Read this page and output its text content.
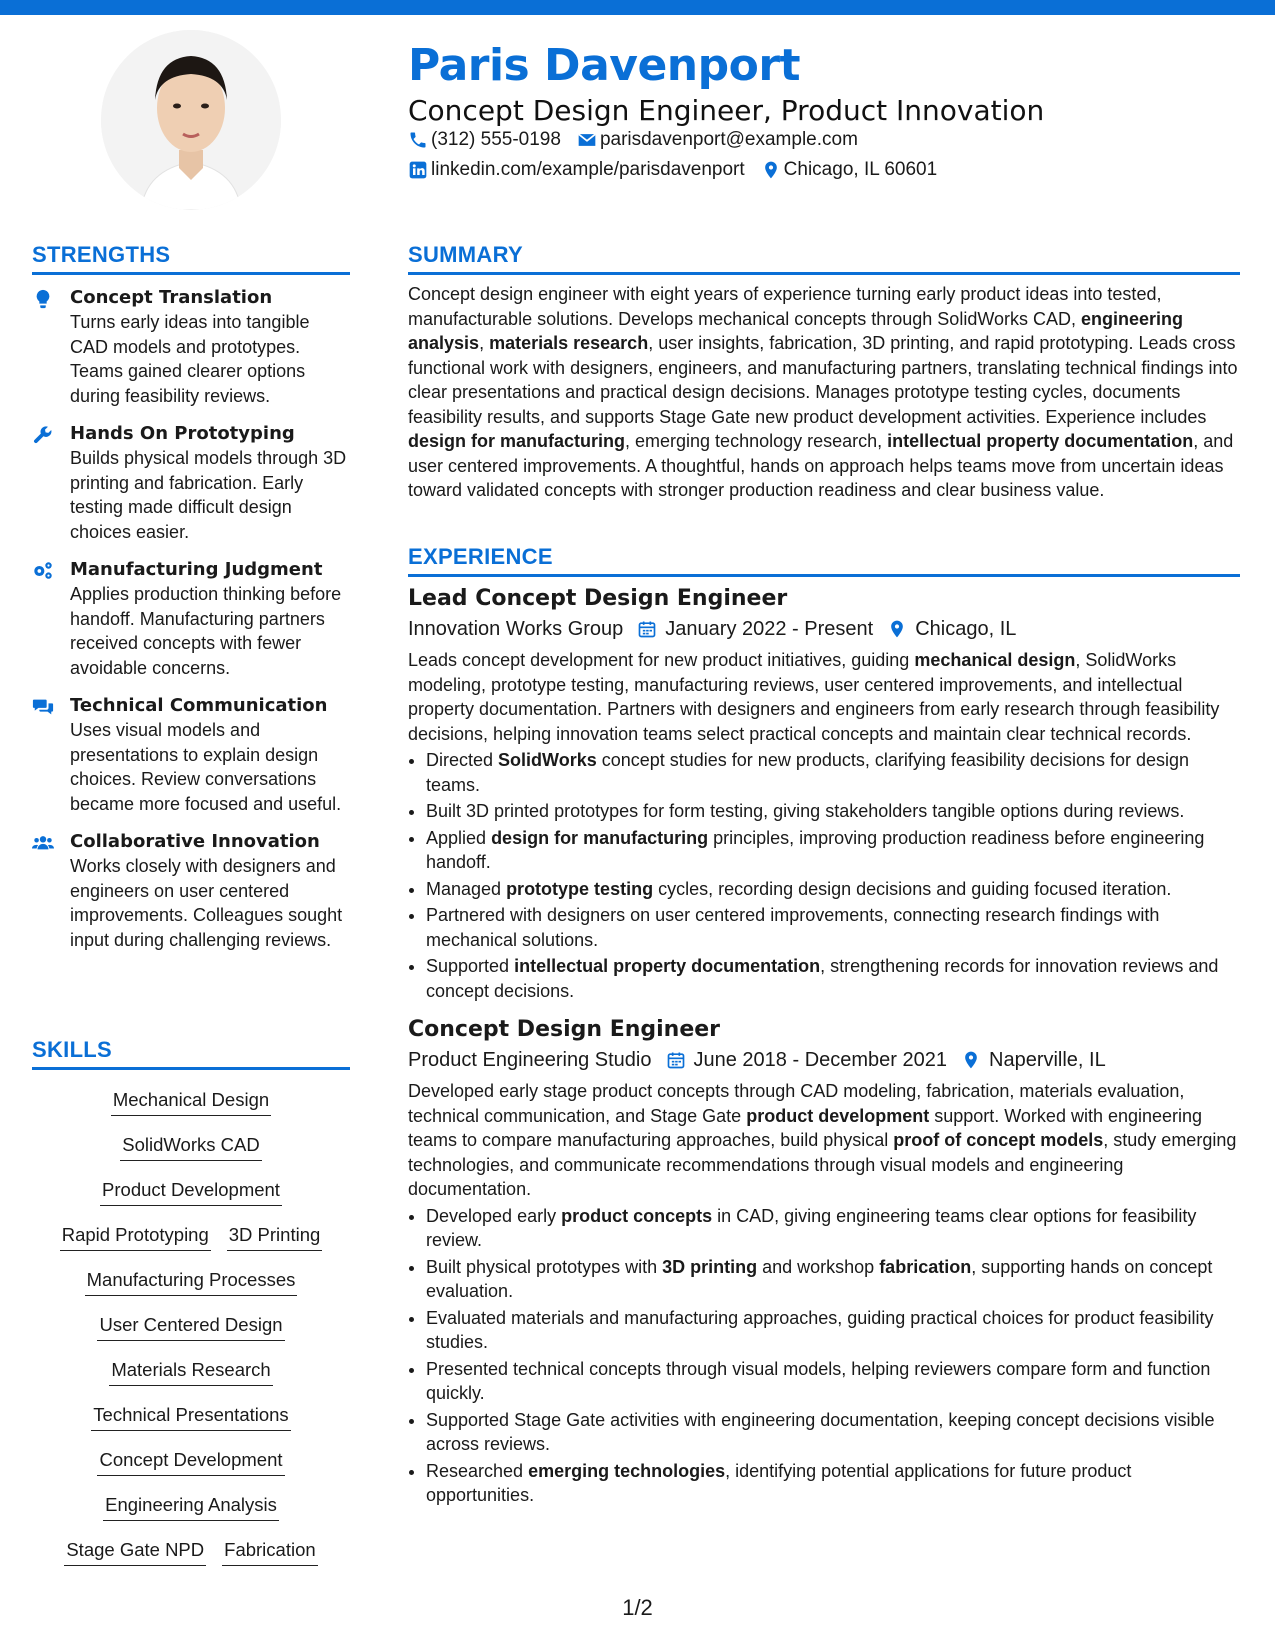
Paris Davenport
Concept Design Engineer, Product Innovation
(312) 555-0198 parisdavenport@example.com
linkedin.com/example/parisdavenport Chicago, IL 60601
STRENGTHS
Concept Translation
Turns early ideas into tangible CAD models and prototypes. Teams gained clearer options during feasibility reviews.
Hands On Prototyping
Builds physical models through 3D printing and fabrication. Early testing made difficult design choices easier.
Manufacturing Judgment
Applies production thinking before handoff. Manufacturing partners received concepts with fewer avoidable concerns.
Technical Communication
Uses visual models and presentations to explain design choices. Review conversations became more focused and useful.
Collaborative Innovation
Works closely with designers and engineers on user centered improvements. Colleagues sought input during challenging reviews.
SKILLS
Mechanical Design
SolidWorks CAD
Product Development
Rapid Prototyping 3D Printing
Manufacturing Processes
User Centered Design
Materials Research
Technical Presentations
Concept Development
Engineering Analysis
Stage Gate NPD Fabrication
SUMMARY
Concept design engineer with eight years of experience turning early product ideas into tested, manufacturable solutions. Develops mechanical concepts through SolidWorks CAD, engineering analysis, materials research, user insights, fabrication, 3D printing, and rapid prototyping. Leads cross functional work with designers, engineers, and manufacturing partners, translating technical findings into clear presentations and practical design decisions. Manages prototype testing cycles, documents feasibility results, and supports Stage Gate new product development activities. Experience includes design for manufacturing, emerging technology research, intellectual property documentation, and user centered improvements. A thoughtful, hands on approach helps teams move from uncertain ideas toward validated concepts with stronger production readiness and clear business value.
EXPERIENCE
Lead Concept Design Engineer
Innovation Works Group January 2022 - Present Chicago, IL
Leads concept development for new product initiatives, guiding mechanical design, SolidWorks modeling, prototype testing, manufacturing reviews, user centered improvements, and intellectual property documentation. Partners with designers and engineers from early research through feasibility decisions, helping innovation teams select practical concepts and maintain clear technical records.
• Directed SolidWorks concept studies for new products, clarifying feasibility decisions for design teams.
• Built 3D printed prototypes for form testing, giving stakeholders tangible options during reviews.
• Applied design for manufacturing principles, improving production readiness before engineering handoff.
• Managed prototype testing cycles, recording design decisions and guiding focused iteration.
• Partnered with designers on user centered improvements, connecting research findings with mechanical solutions.
• Supported intellectual property documentation, strengthening records for innovation reviews and concept decisions.
Concept Design Engineer
Product Engineering Studio June 2018 - December 2021 Naperville, IL
Developed early stage product concepts through CAD modeling, fabrication, materials evaluation, technical communication, and Stage Gate product development support. Worked with engineering teams to compare manufacturing approaches, build physical proof of concept models, study emerging technologies, and communicate recommendations through visual models and engineering documentation.
• Developed early product concepts in CAD, giving engineering teams clear options for feasibility review.
• Built physical prototypes with 3D printing and workshop fabrication, supporting hands on concept evaluation.
• Evaluated materials and manufacturing approaches, guiding practical choices for product feasibility studies.
• Presented technical concepts through visual models, helping reviewers compare form and function quickly.
• Supported Stage Gate activities with engineering documentation, keeping concept decisions visible across reviews.
• Researched emerging technologies, identifying potential applications for future product opportunities.
1/2
